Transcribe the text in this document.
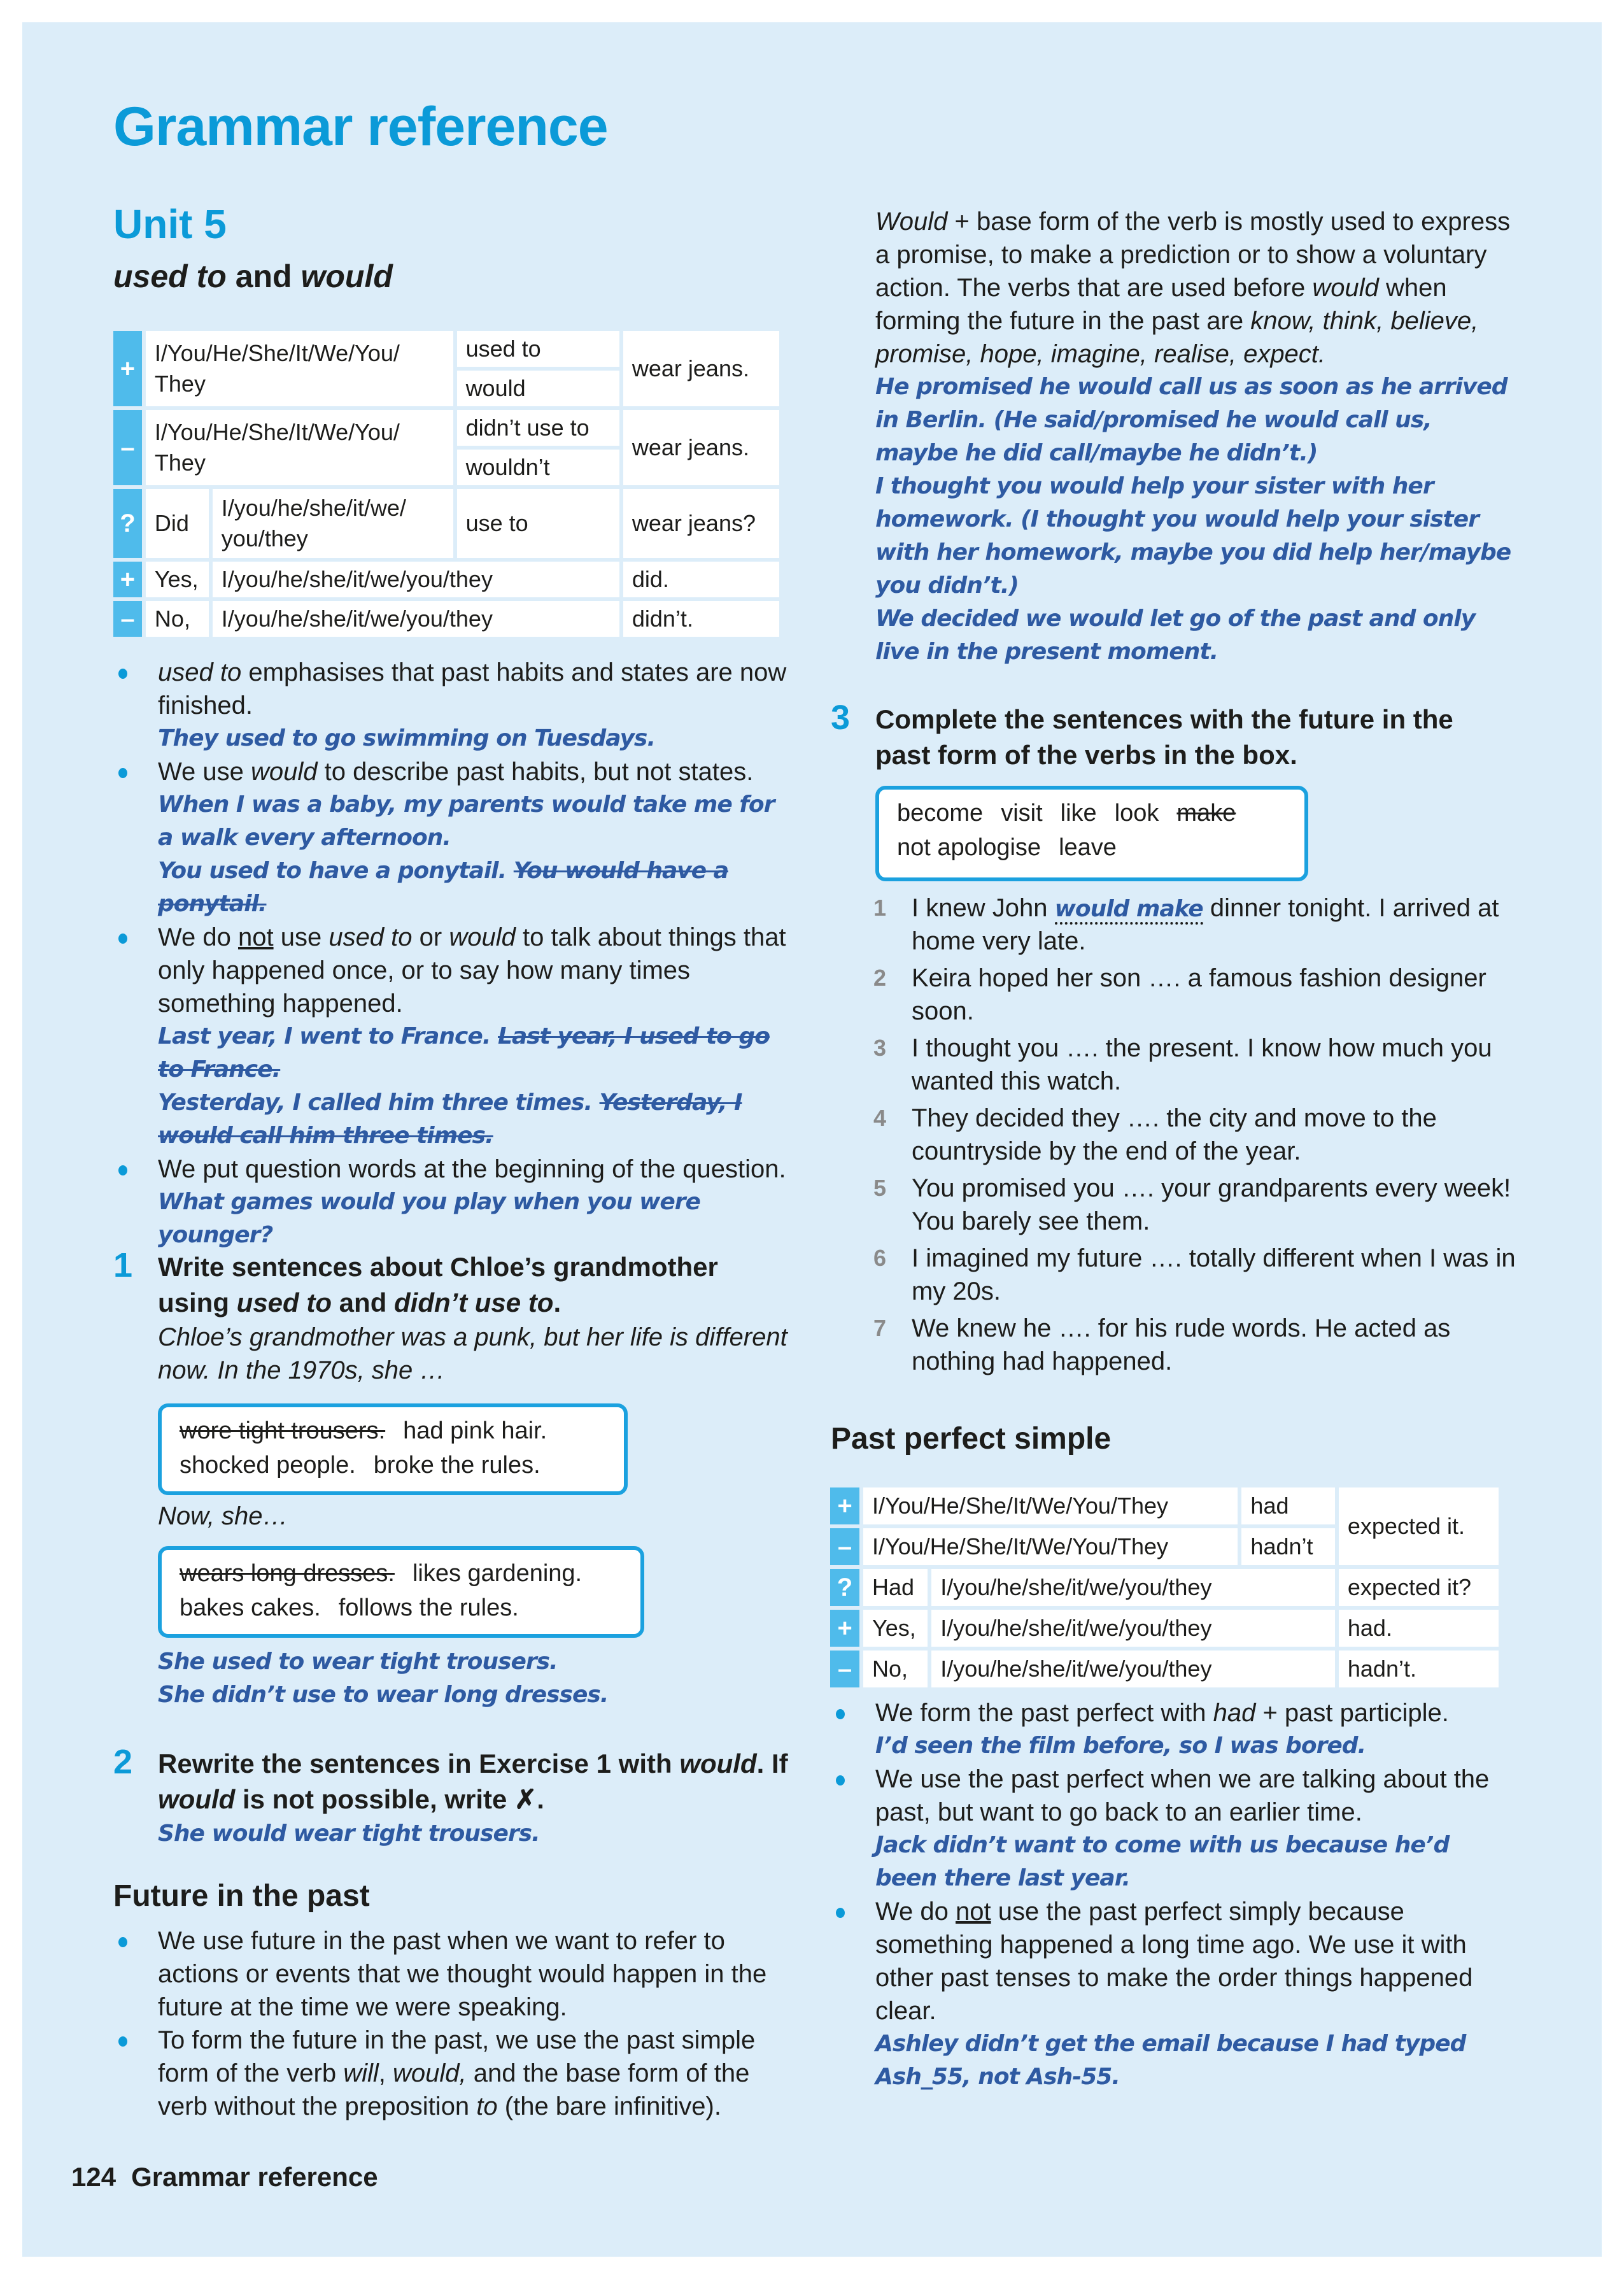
Grammar reference
Unit 5
used to and would
+	I/You/He/She/It/We/You/ They		used to	wear jeans.
			would	
–	I/You/He/She/It/We/You/ They		didn’t use to	wear jeans.
			wouldn’t	
?	Did	I/you/he/she/it/we/ you/they	use to	wear jeans?
+	Yes,	I/you/he/she/it/we/you/they		did.
–	No,	I/you/he/she/it/we/you/they		didn’t.
used to emphasises that past habits and states are now finished.
They used to go swimming on Tuesdays.
We use would to describe past habits, but not states.
When I was a baby, my parents would take me for a walk every afternoon.
You used to have a ponytail. You would have a ponytail.
We do not use used to or would to talk about things that only happened once, or to say how many times something happened.
Last year, I went to France. Last year, I used to go to France.
Yesterday, I called him three times. Yesterday, I would call him three times.
We put question words at the beginning of the question.
What games would you play when you were younger?
1 Write sentences about Chloe’s grandmother using used to and didn’t use to.
Chloe’s grandmother was a punk, but her life is different now. In the 1970s, she …
wore tight trousers. had pink hair.
shocked people. broke the rules.
Now, she…
wears long dresses. likes gardening.
bakes cakes. follows the rules.
She used to wear tight trousers.
She didn’t use to wear long dresses.
2 Rewrite the sentences in Exercise 1 with would. If would is not possible, write ✗.
She would wear tight trousers.
Future in the past
We use future in the past when we want to refer to actions or events that we thought would happen in the future at the time we were speaking.
To form the future in the past, we use the past simple form of the verb will, would, and the base form of the verb without the preposition to (the bare infinitive).
124 Grammar reference
Would + base form of the verb is mostly used to express a promise, to make a prediction or to show a voluntary action. The verbs that are used before would when forming the future in the past are know, think, believe, promise, hope, imagine, realise, expect.
He promised he would call us as soon as he arrived in Berlin. (He said/promised he would call us, maybe he did call/maybe he didn’t.)
I thought you would help your sister with her homework. (I thought you would help your sister with her homework, maybe you did help her/maybe you didn’t.)
We decided we would let go of the past and only live in the present moment.
3 Complete the sentences with the future in the past form of the verbs in the box.
become visit like look make
not apologise leave
1 I knew John would make dinner tonight. I arrived at home very late.
2 Keira hoped her son …. a famous fashion designer soon.
3 I thought you …. the present. I know how much you wanted this watch.
4 They decided they …. the city and move to the countryside by the end of the year.
5 You promised you …. your grandparents every week! You barely see them.
6 I imagined my future …. totally different when I was in my 20s.
7 We knew he …. for his rude words. He acted as nothing had happened.
Past perfect simple
+	I/You/He/She/It/We/You/They		had	expected it.
–	I/You/He/She/It/We/You/They		hadn’t	
?	Had	I/you/he/she/it/we/you/they		expected it?
+	Yes,	I/you/he/she/it/we/you/they		had.
–	No,	I/you/he/she/it/we/you/they		hadn’t.
We form the past perfect with had + past participle.
I’d seen the film before, so I was bored.
We use the past perfect when we are talking about the past, but want to go back to an earlier time.
Jack didn’t want to come with us because he’d been there last year.
We do not use the past perfect simply because something happened a long time ago. We use it with other past tenses to make the order things happened clear.
Ashley didn’t get the email because I had typed Ash_55, not Ash-55.
